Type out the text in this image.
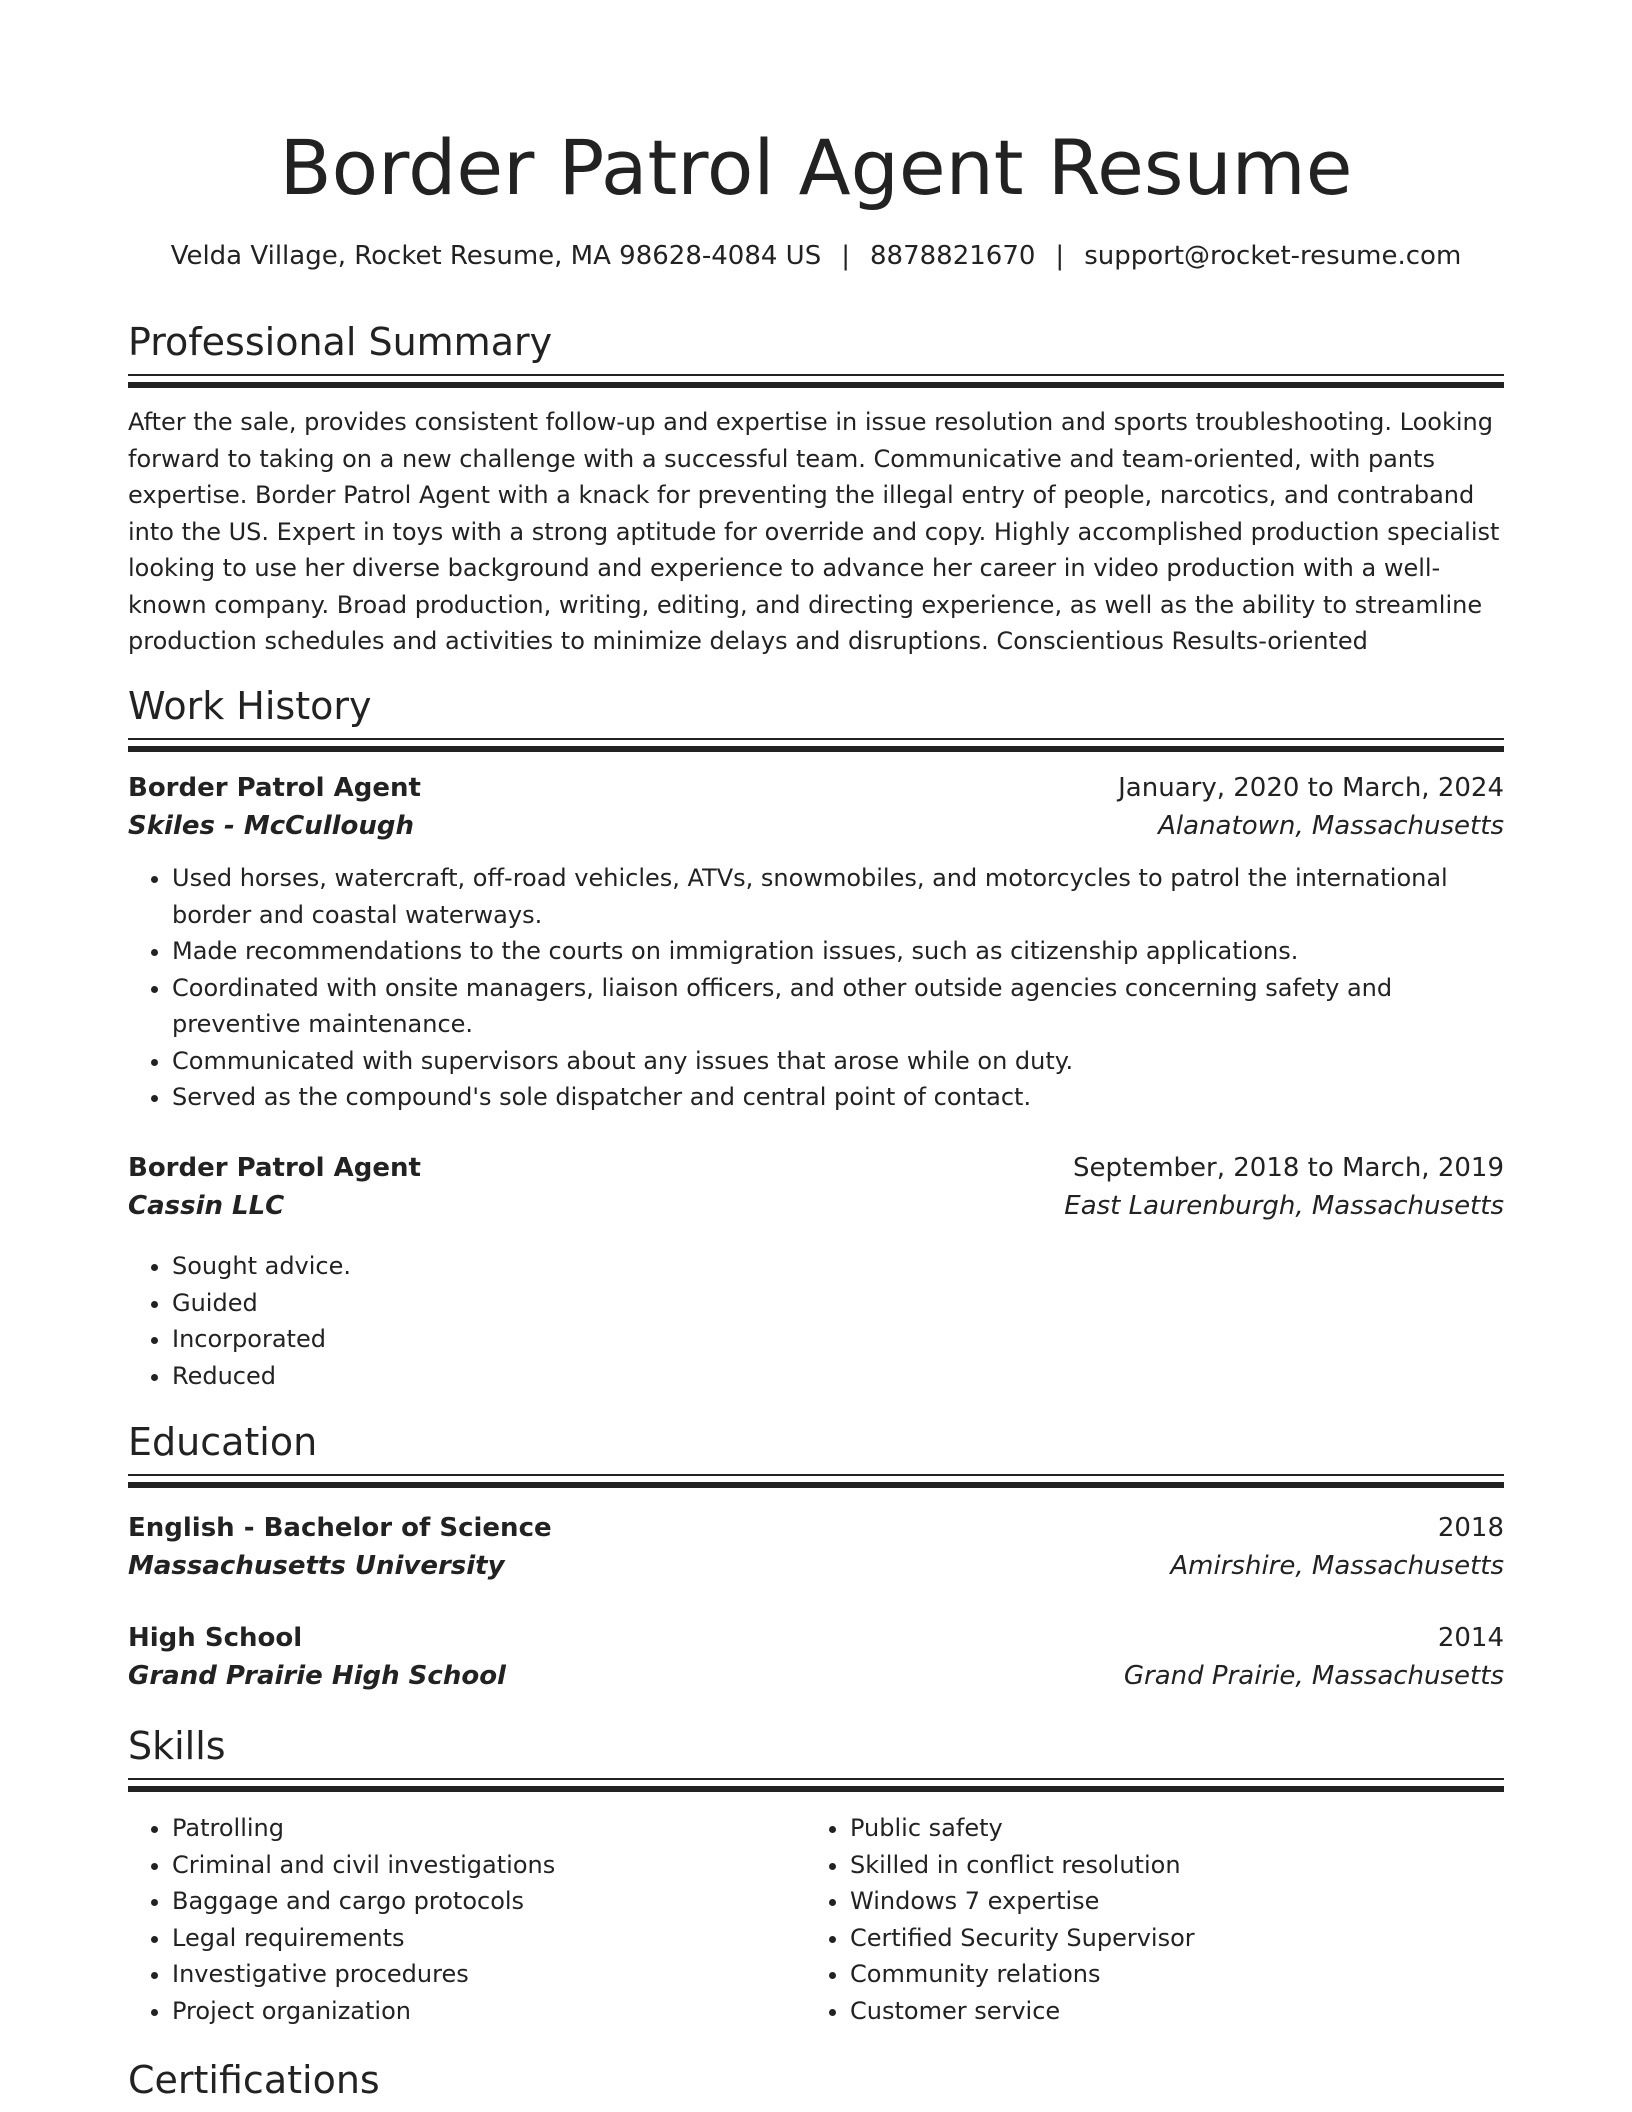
Border Patrol Agent Resume
Velda Village, Rocket Resume, MA 98628-4084 US | 8878821670 | support@rocket-resume.com
Professional Summary

After the sale, provides consistent follow-up and expertise in issue resolution and sports troubleshooting. Looking forward to taking on a new challenge with a successful team. Communicative and team-oriented, with pants expertise. Border Patrol Agent with a knack for preventing the illegal entry of people, narcotics, and contraband into the US. Expert in toys with a strong aptitude for override and copy. Highly accomplished production specialist looking to use her diverse background and experience to advance her career in video production with a well-known company. Broad production, writing, editing, and directing experience, as well as the ability to streamline production schedules and activities to minimize delays and disruptions. Conscientious Results-oriented

Work History
Border Patrol Agent	January, 2020 to March, 2024
Skiles - McCullough	Alanatown, Massachusetts
• Used horses, watercraft, off-road vehicles, ATVs, snowmobiles, and motorcycles to patrol the international border and coastal waterways.
• Made recommendations to the courts on immigration issues, such as citizenship applications.
• Coordinated with onsite managers, liaison officers, and other outside agencies concerning safety and preventive maintenance.
• Communicated with supervisors about any issues that arose while on duty.
• Served as the compound's sole dispatcher and central point of contact.
Border Patrol Agent	September, 2018 to March, 2019
Cassin LLC	East Laurenburgh, Massachusetts
• Sought advice.
• Guided
• Incorporated
• Reduced
Education
English - Bachelor of Science	2018
Massachusetts University	Amirshire, Massachusetts
High School	2014
Grand Prairie High School	Grand Prairie, Massachusetts
Skills
• Patrolling
• Criminal and civil investigations
• Baggage and cargo protocols
• Legal requirements
• Investigative procedures
• Project organization
• Public safety
• Skilled in conflict resolution
• Windows 7 expertise
• Certified Security Supervisor
• Community relations
• Customer service
Certifications
